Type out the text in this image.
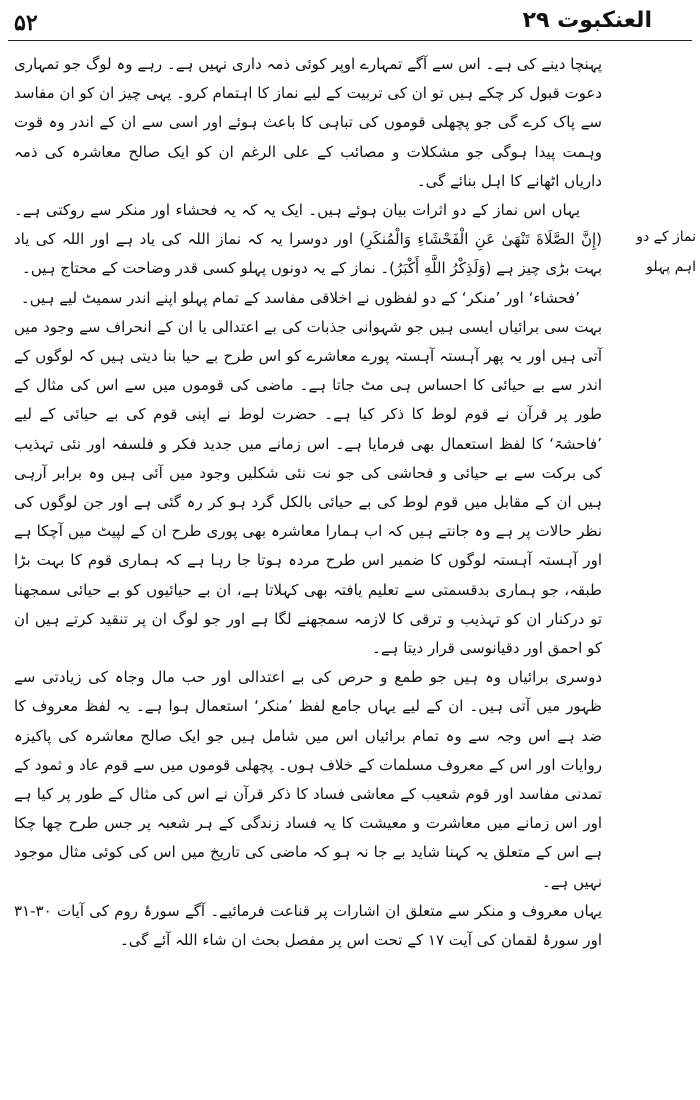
۵۲	العنکبوت ۲۹
نماز کے دو اہم پہلو

پہنچا دینے کی ہے۔ اس سے آگے تمہارے اوپر کوئی ذمہ داری نہیں ہے۔ رہے وہ لوگ جو تمہاری دعوت قبول کر چکے ہیں تو ان کی تربیت کے لیے نماز کا اہتمام کرو۔ یہی چیز ان کو ان مفاسد سے پاک کرے گی جو پچھلی قوموں کی تباہی کا باعث ہوئے اور اسی سے ان کے اندر وہ قوت وہمت پیدا ہوگی جو مشکلات و مصائب کے علی الرغم ان کو ایک صالح معاشرہ کی ذمہ داریاں اٹھانے کا اہل بنائے گی۔

یہاں اس نماز کے دو اثرات بیان ہوئے ہیں۔ ایک یہ کہ یہ فحشاء اور منکر سے روکتی ہے۔ (إِنَّ الصَّلَاةَ تَنْهَىٰ عَنِ الْفَحْشَاءِ وَالْمُنكَرِ) اور دوسرا یہ کہ نماز اللہ کی یاد ہے اور اللہ کی یاد بہت بڑی چیز ہے (وَلَذِكْرُ اللَّهِ أَكْبَرُ)۔ نماز کے یہ دونوں پہلو کسی قدر وضاحت کے محتاج ہیں۔

’فحشاء‘ اور ’منکر‘ کے دو لفظوں نے اخلاقی مفاسد کے تمام پہلو اپنے اندر سمیٹ لیے ہیں۔

بہت سی برائیاں ایسی ہیں جو شہوانی جذبات کی بے اعتدالی یا ان کے انحراف سے وجود میں آتی ہیں اور یہ پھر آہستہ آہستہ پورے معاشرے کو اس طرح بے حیا بنا دیتی ہیں کہ لوگوں کے اندر سے بے حیائی کا احساس ہی مٹ جاتا ہے۔ ماضی کی قوموں میں سے اس کی مثال کے طور پر قرآن نے قوم لوط کا ذکر کیا ہے۔ حضرت لوط نے اپنی قوم کی بے حیائی کے لیے ’فاحشۃ‘ کا لفظ استعمال بھی فرمایا ہے۔ اس زمانے میں جدید فکر و فلسفہ اور نئی تہذیب کی برکت سے بے حیائی و فحاشی کی جو نت نئی شکلیں وجود میں آئی ہیں وہ برابر آرہی ہیں ان کے مقابل میں قوم لوط کی بے حیائی بالکل گرد ہو کر رہ گئی ہے اور جن لوگوں کی نظر حالات پر ہے وہ جانتے ہیں کہ اب ہمارا معاشرہ بھی پوری طرح ان کے لپیٹ میں آچکا ہے اور آہستہ آہستہ لوگوں کا ضمیر اس طرح مردہ ہوتا جا رہا ہے کہ ہماری قوم کا بہت بڑا طبقہ، جو ہماری بدقسمتی سے تعلیم یافتہ بھی کہلاتا ہے، ان بے حیائیوں کو بے حیائی سمجھنا تو درکنار ان کو تہذیب و ترقی کا لازمہ سمجھنے لگا ہے اور جو لوگ ان پر تنقید کرتے ہیں ان کو احمق اور دقیانوسی قرار دیتا ہے۔

دوسری برائیاں وہ ہیں جو طمع و حرص کی بے اعتدالی اور حب مال وجاہ کی زیادتی سے ظہور میں آتی ہیں۔ ان کے لیے یہاں جامع لفظ ’منکر‘ استعمال ہوا ہے۔ یہ لفظ معروف کا ضد ہے اس وجہ سے وہ تمام برائیاں اس میں شامل ہیں جو ایک صالح معاشرہ کی پاکیزہ روایات اور اس کے معروف مسلمات کے خلاف ہوں۔ پچھلی قوموں میں سے قوم عاد و ثمود کے تمدنی مفاسد اور قوم شعیب کے معاشی فساد کا ذکر قرآن نے اس کی مثال کے طور پر کیا ہے اور اس زمانے میں معاشرت و معیشت کا یہ فساد زندگی کے ہر شعبہ پر جس طرح چھا چکا ہے اس کے متعلق یہ کہنا شاید بے جا نہ ہو کہ ماضی کی تاریخ میں اس کی کوئی مثال موجود نہیں ہے۔

یہاں معروف و منکر سے متعلق ان اشارات پر قناعت فرمائیے۔ آگے سورۂ روم کی آیات ۳۰-۳۱ اور سورۂ لقمان کی آیت ۱۷ کے تحت اس پر مفصل بحث ان شاء اللہ آئے گی۔
